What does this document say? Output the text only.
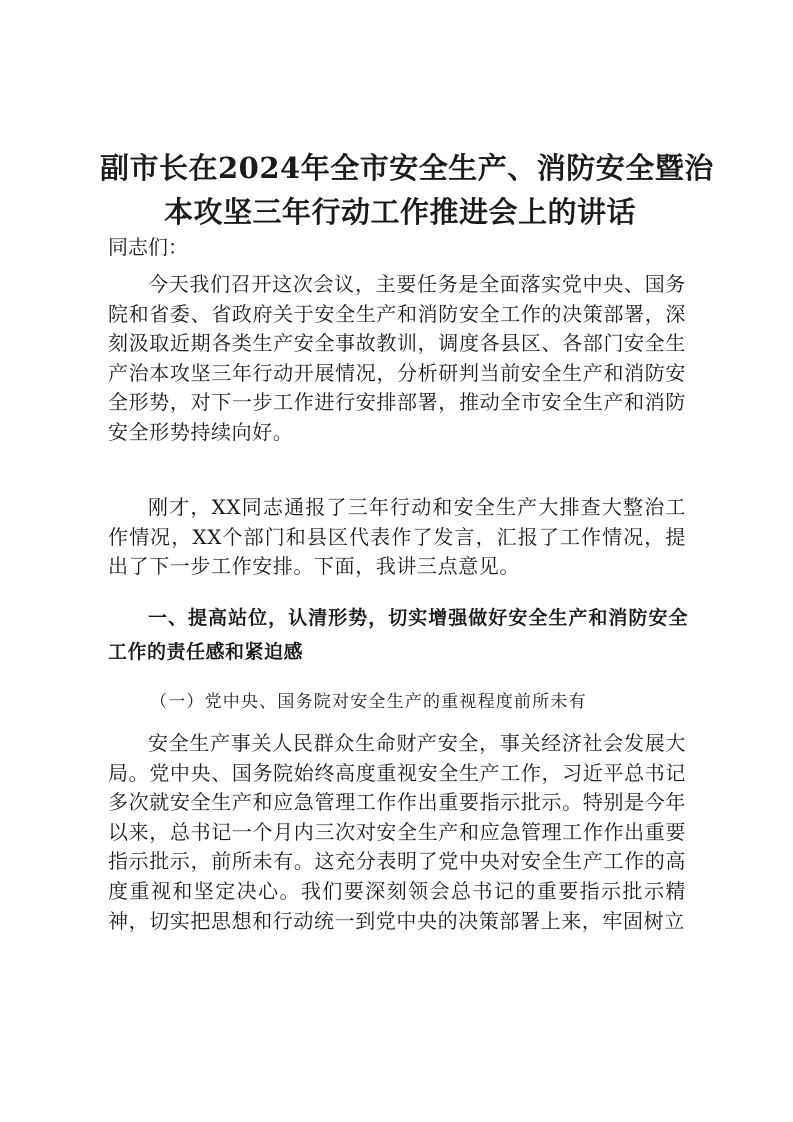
副市长在2024年全市安全生产、消防安全暨治
本攻坚三年行动工作推进会上的讲话

同志们：

今天我们召开这次会议，主要任务是全面落实党中央、国务院和省委、省政府关于安全生产和消防安全工作的决策部署，深刻汲取近期各类生产安全事故教训，调度各县区、各部门安全生产治本攻坚三年行动开展情况，分析研判当前安全生产和消防安全形势，对下一步工作进行安排部署，推动全市安全生产和消防安全形势持续向好。

刚才，XX同志通报了三年行动和安全生产大排查大整治工作情况，XX个部门和县区代表作了发言，汇报了工作情况，提出了下一步工作安排。下面，我讲三点意见。

一、提高站位，认清形势，切实增强做好安全生产和消防安全工作的责任感和紧迫感

（一）党中央、国务院对安全生产的重视程度前所未有

安全生产事关人民群众生命财产安全，事关经济社会发展大局。党中央、国务院始终高度重视安全生产工作，习近平总书记多次就安全生产和应急管理工作作出重要指示批示。特别是今年以来，总书记一个月内三次对安全生产和应急管理工作作出重要指示批示，前所未有。这充分表明了党中央对安全生产工作的高度重视和坚定决心。我们要深刻领会总书记的重要指示批示精神，切实把思想和行动统一到党中央的决策部署上来，牢固树立
